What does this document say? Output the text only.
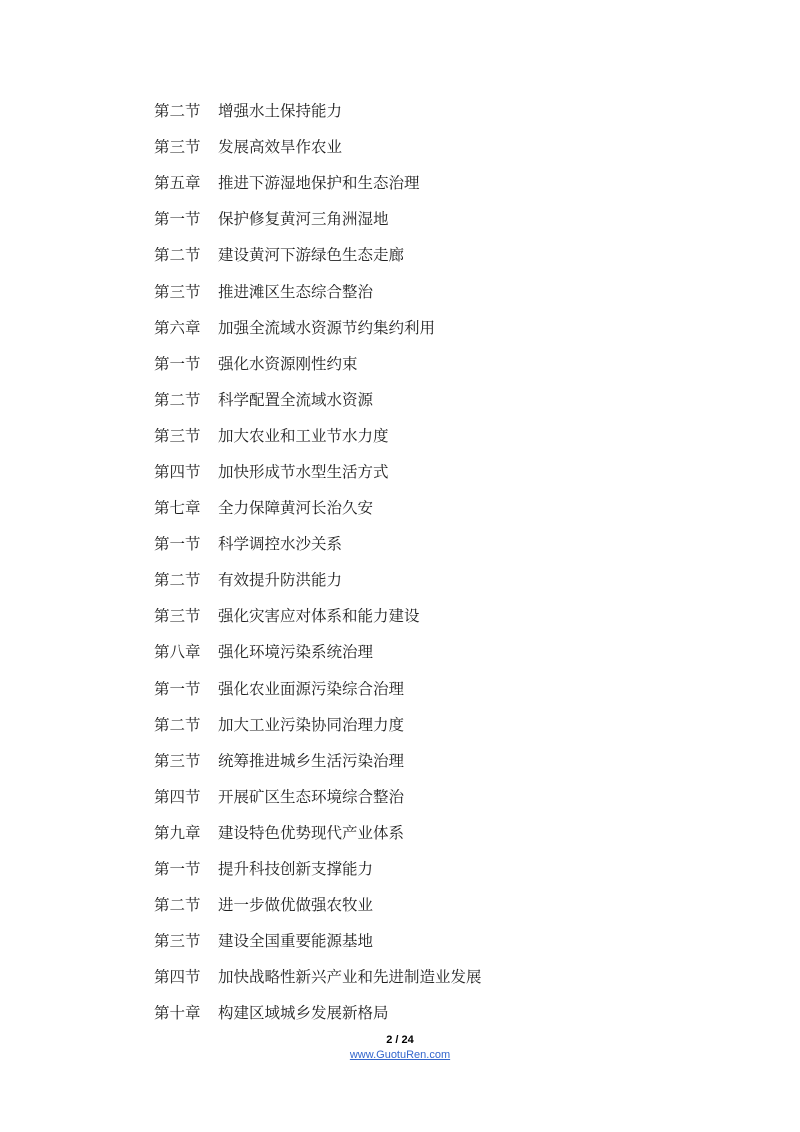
第二节	增强水土保持能力
第三节	发展高效旱作农业
第五章	推进下游湿地保护和生态治理
第一节	保护修复黄河三角洲湿地
第二节	建设黄河下游绿色生态走廊
第三节	推进滩区生态综合整治
第六章	加强全流域水资源节约集约利用
第一节	强化水资源刚性约束
第二节	科学配置全流域水资源
第三节	加大农业和工业节水力度
第四节	加快形成节水型生活方式
第七章	全力保障黄河长治久安
第一节	科学调控水沙关系
第二节	有效提升防洪能力
第三节	强化灾害应对体系和能力建设
第八章	强化环境污染系统治理
第一节	强化农业面源污染综合治理
第二节	加大工业污染协同治理力度
第三节	统筹推进城乡生活污染治理
第四节	开展矿区生态环境综合整治
第九章	建设特色优势现代产业体系
第一节	提升科技创新支撑能力
第二节	进一步做优做强农牧业
第三节	建设全国重要能源基地
第四节	加快战略性新兴产业和先进制造业发展
第十章	构建区域城乡发展新格局
2 / 24
www.GuotuRen.com
